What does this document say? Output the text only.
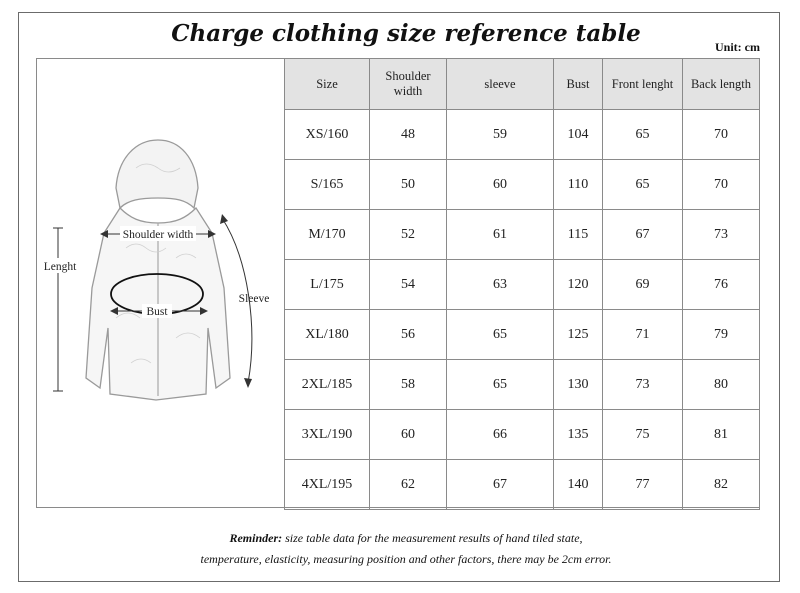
Charge clothing size reference table	Unit: cm
Shoulder width
Lenght
Sleeve
Bust
Size	Shoulder width	sleeve	Bust	Front lenght	Back length
XS/160	48	59	104	65	70
S/165	50	60	110	65	70
M/170	52	61	115	67	73
L/175	54	63	120	69	76
XL/180	56	65	125	71	79
2XL/185	58	65	130	73	80
3XL/190	60	66	135	75	81
4XL/195	62	67	140	77	82
Reminder: size table data for the measurement results of hand tiled state,
temperature, elasticity, measuring position and other factors, there may be 2cm error.
